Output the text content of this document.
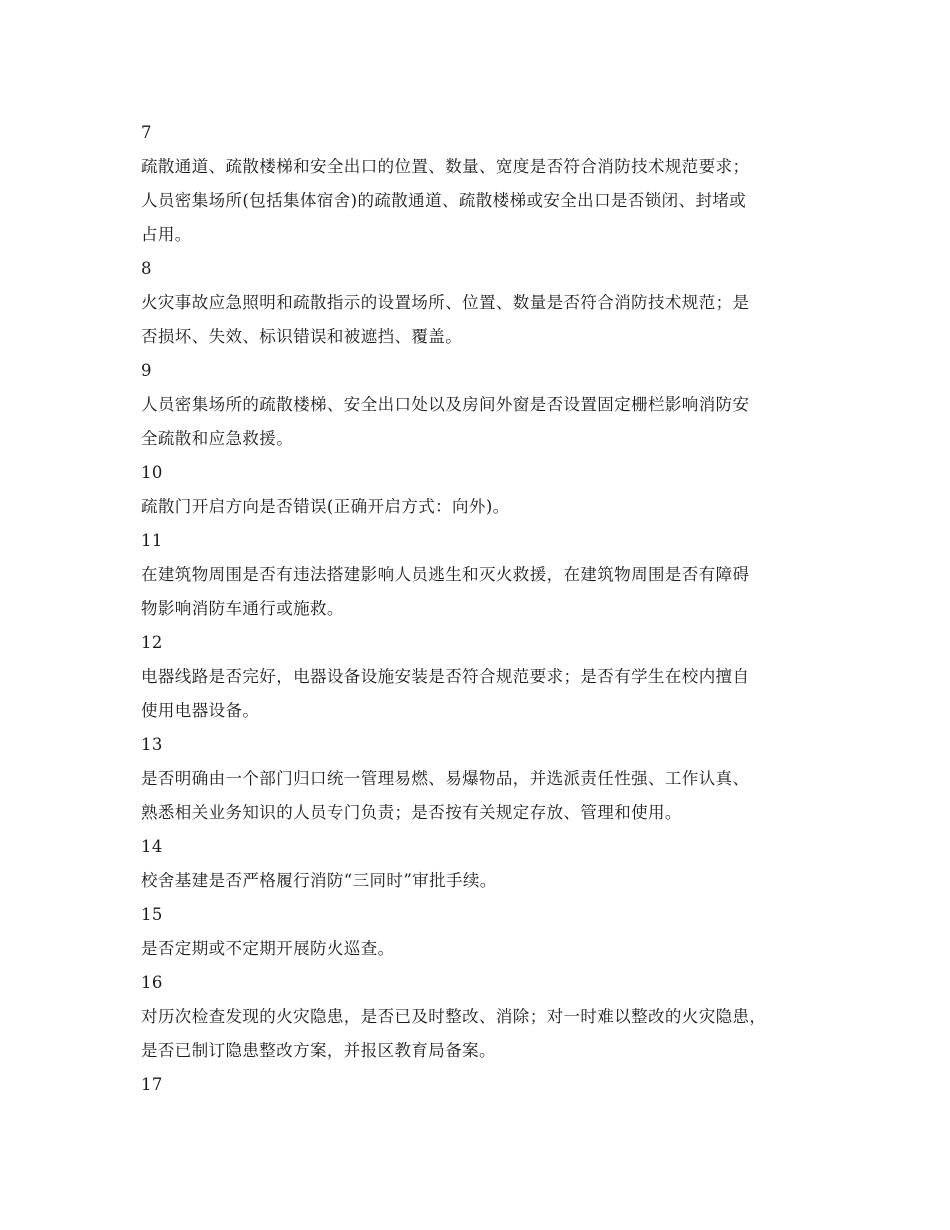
7
疏散通道、疏散楼梯和安全出口的位置、数量、宽度是否符合消防技术规范要求；
人员密集场所(包括集体宿舍)的疏散通道、疏散楼梯或安全出口是否锁闭、封堵或
占用。
8
火灾事故应急照明和疏散指示的设置场所、位置、数量是否符合消防技术规范；是
否损坏、失效、标识错误和被遮挡、覆盖。
9
人员密集场所的疏散楼梯、安全出口处以及房间外窗是否设置固定栅栏影响消防安
全疏散和应急救援。
10
疏散门开启方向是否错误(正确开启方式：向外)。
11
在建筑物周围是否有违法搭建影响人员逃生和灭火救援，在建筑物周围是否有障碍
物影响消防车通行或施救。
12
电器线路是否完好，电器设备设施安装是否符合规范要求；是否有学生在校内擅自
使用电器设备。
13
是否明确由一个部门归口统一管理易燃、易爆物品，并选派责任性强、工作认真、
熟悉相关业务知识的人员专门负责；是否按有关规定存放、管理和使用。
14
校舍基建是否严格履行消防“三同时”审批手续。
15
是否定期或不定期开展防火巡查。
16
对历次检查发现的火灾隐患，是否已及时整改、消除；对一时难以整改的火灾隐患，
是否已制订隐患整改方案，并报区教育局备案。
17
